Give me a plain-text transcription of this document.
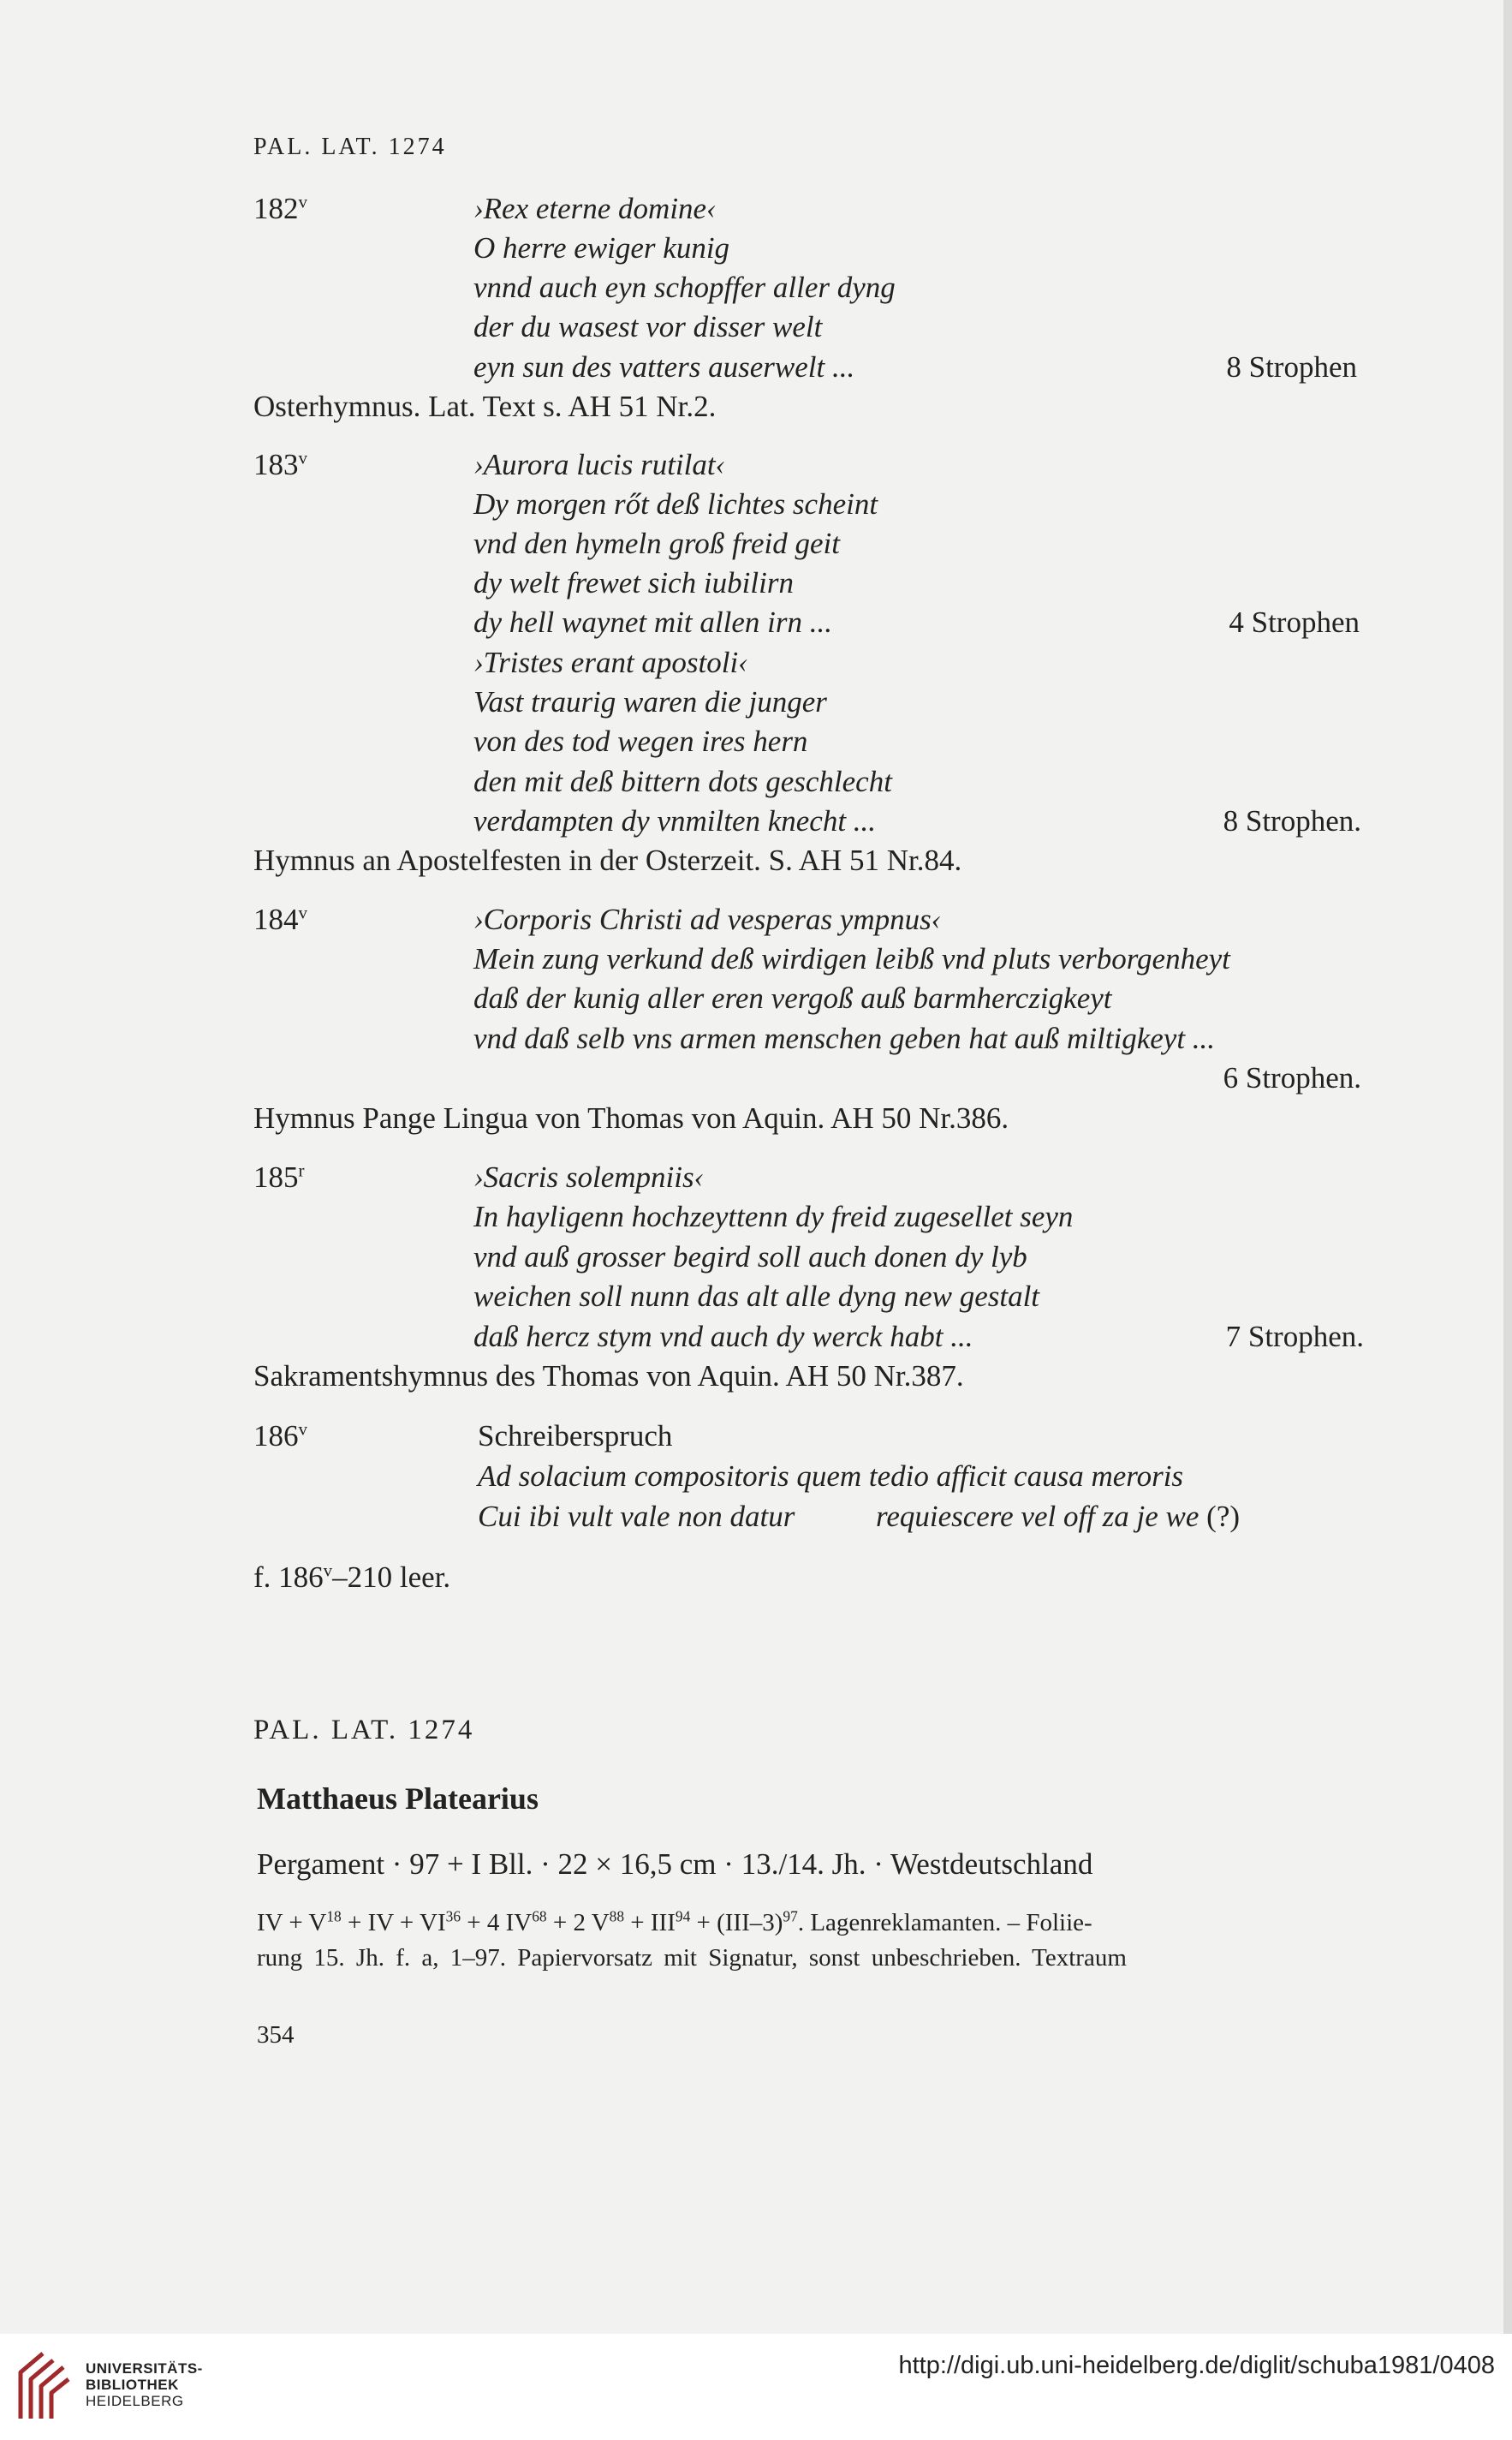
PAL. LAT. 1274
182$^v$	›Rex eterne domine‹
O herre ewiger kunig
vnnd auch eyn schopffer aller dyng
der du wasest vor disser welt
eyn sun des vatters auserwelt ...	8 Strophen
Osterhymnus. Lat. Text s. AH 51 Nr.2.
183$^v$	›Aurora lucis rutilat‹
Dy morgen rőt deß lichtes scheint
vnd den hymeln groß freid geit
dy welt frewet sich iubilirn
dy hell waynet mit allen irn ...	4 Strophen
›Tristes erant apostoli‹
Vast traurig waren die junger
von des tod wegen ires hern
den mit deß bittern dots geschlecht
verdampten dy vnmilten knecht ...	8 Strophen.
Hymnus an Apostelfesten in der Osterzeit. S. AH 51 Nr.84.
184$^v$	›Corporis Christi ad vesperas ympnus‹
Mein zung verkund deß wirdigen leibß vnd pluts verborgenheyt
daß der kunig aller eren vergoß auß barmherczigkeyt
vnd daß selb vns armen menschen geben hat auß miltigkeyt ...
6 Strophen.
Hymnus Pange Lingua von Thomas von Aquin. AH 50 Nr.386.
185$^r$	›Sacris solempniis‹
In hayligenn hochzeyttenn dy freid zugesellet seyn
vnd auß grosser begird soll auch donen dy lyb
weichen soll nunn das alt alle dyng new gestalt
daß hercz stym vnd auch dy werck habt ...	7 Strophen.
Sakramentshymnus des Thomas von Aquin. AH 50 Nr.387.
186$^v$	Schreiberspruch
Ad solacium compositoris quem tedio afficit causa meroris
Cui ibi vult vale non datur	requiescere vel off za je we (?)
f. 186$^v$–210 leer.
PAL. LAT. 1274
Matthaeus Platearius
Pergament · 97 + I Bll. · 22 × 16,5 cm · 13./14. Jh. · Westdeutschland
IV + $V^{18}$ + IV + $VI^{36} + 4$ $IV^{68} + 2$ $V^{88} + III^{94} + (III-3)^{97}$. Lagenreklamanten. – Foliie-
rung 15. Jh. f. a, 1–97. Papiervorsatz mit Signatur, sonst unbeschrieben. Textraum
354
UNIVERSITÄTS-
BIBLIOTHEK
HEIDELBERG
http://digi.ub.uni-heidelberg.de/diglit/schuba1981/0408
